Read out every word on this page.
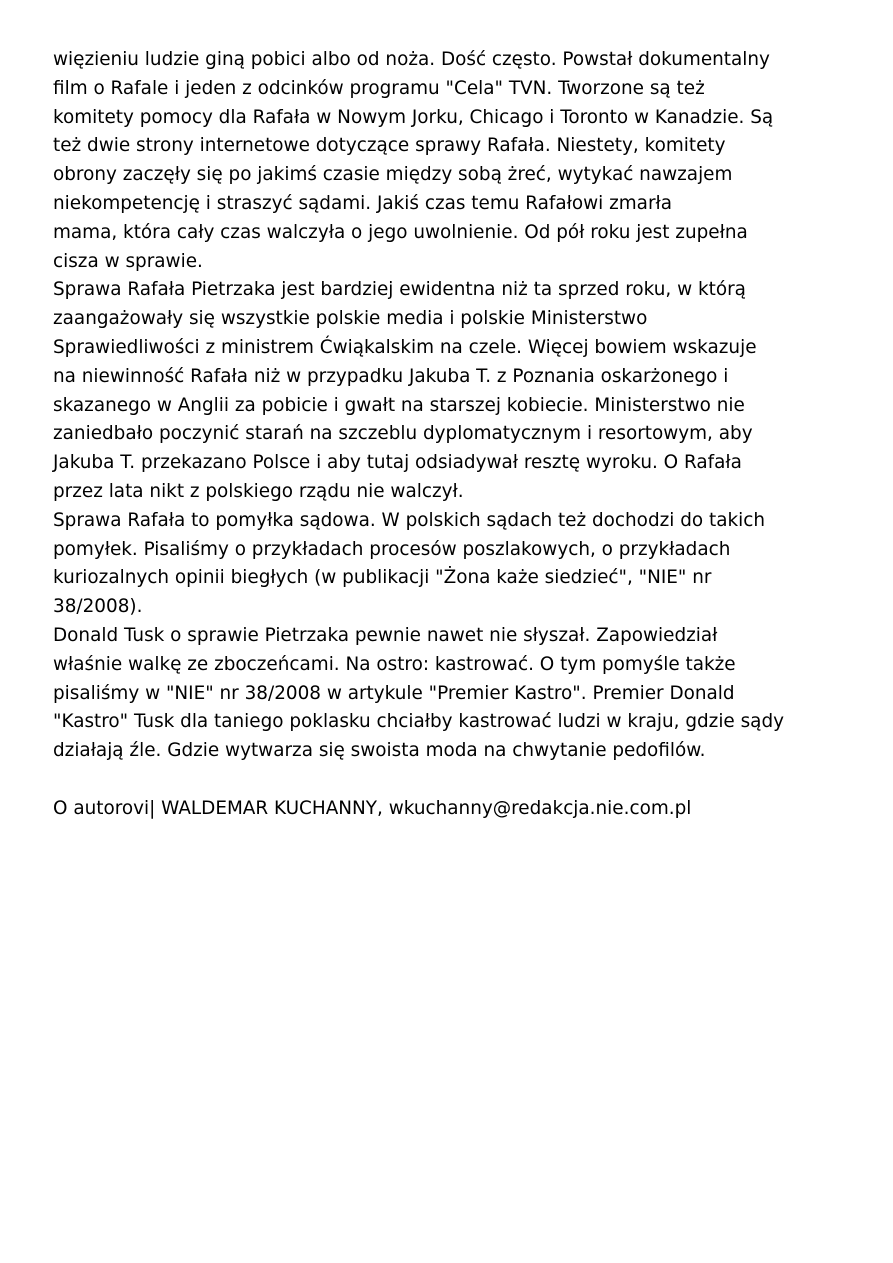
więzieniu ludzie giną pobici albo od noża. Dość często. Powstał dokumentalny
film o Rafale i jeden z odcinków programu "Cela" TVN. Tworzone są też
komitety pomocy dla Rafała w Nowym Jorku, Chicago i Toronto w Kanadzie. Są
też dwie strony internetowe dotyczące sprawy Rafała. Niestety, komitety
obrony zaczęły się po jakimś czasie między sobą żreć, wytykać nawzajem
niekompetencję i straszyć sądami. Jakiś czas temu Rafałowi zmarła
mama, która cały czas walczyła o jego uwolnienie. Od pół roku jest zupełna
cisza w sprawie.
Sprawa Rafała Pietrzaka jest bardziej ewidentna niż ta sprzed roku, w którą
zaangażowały się wszystkie polskie media i polskie Ministerstwo
Sprawiedliwości z ministrem Ćwiąkalskim na czele. Więcej bowiem wskazuje
na niewinność Rafała niż w przypadku Jakuba T. z Poznania oskarżonego i
skazanego w Anglii za pobicie i gwałt na starszej kobiecie. Ministerstwo nie
zaniedbało poczynić starań na szczeblu dyplomatycznym i resortowym, aby
Jakuba T. przekazano Polsce i aby tutaj odsiadywał resztę wyroku. O Rafała
przez lata nikt z polskiego rządu nie walczył.
Sprawa Rafała to pomyłka sądowa. W polskich sądach też dochodzi do takich
pomyłek. Pisaliśmy o przykładach procesów poszlakowych, o przykładach
kuriozalnych opinii biegłych (w publikacji "Żona każe siedzieć", "NIE" nr
38/2008).
Donald Tusk o sprawie Pietrzaka pewnie nawet nie słyszał. Zapowiedział
właśnie walkę ze zboczeńcami. Na ostro: kastrować. O tym pomyśle także
pisaliśmy w "NIE" nr 38/2008 w artykule "Premier Kastro". Premier Donald
"Kastro" Tusk dla taniego poklasku chciałby kastrować ludzi w kraju, gdzie sądy
działają źle. Gdzie wytwarza się swoista moda na chwytanie pedofilów.
O autorovi| WALDEMAR KUCHANNY, wkuchanny@redakcja.nie.com.pl
